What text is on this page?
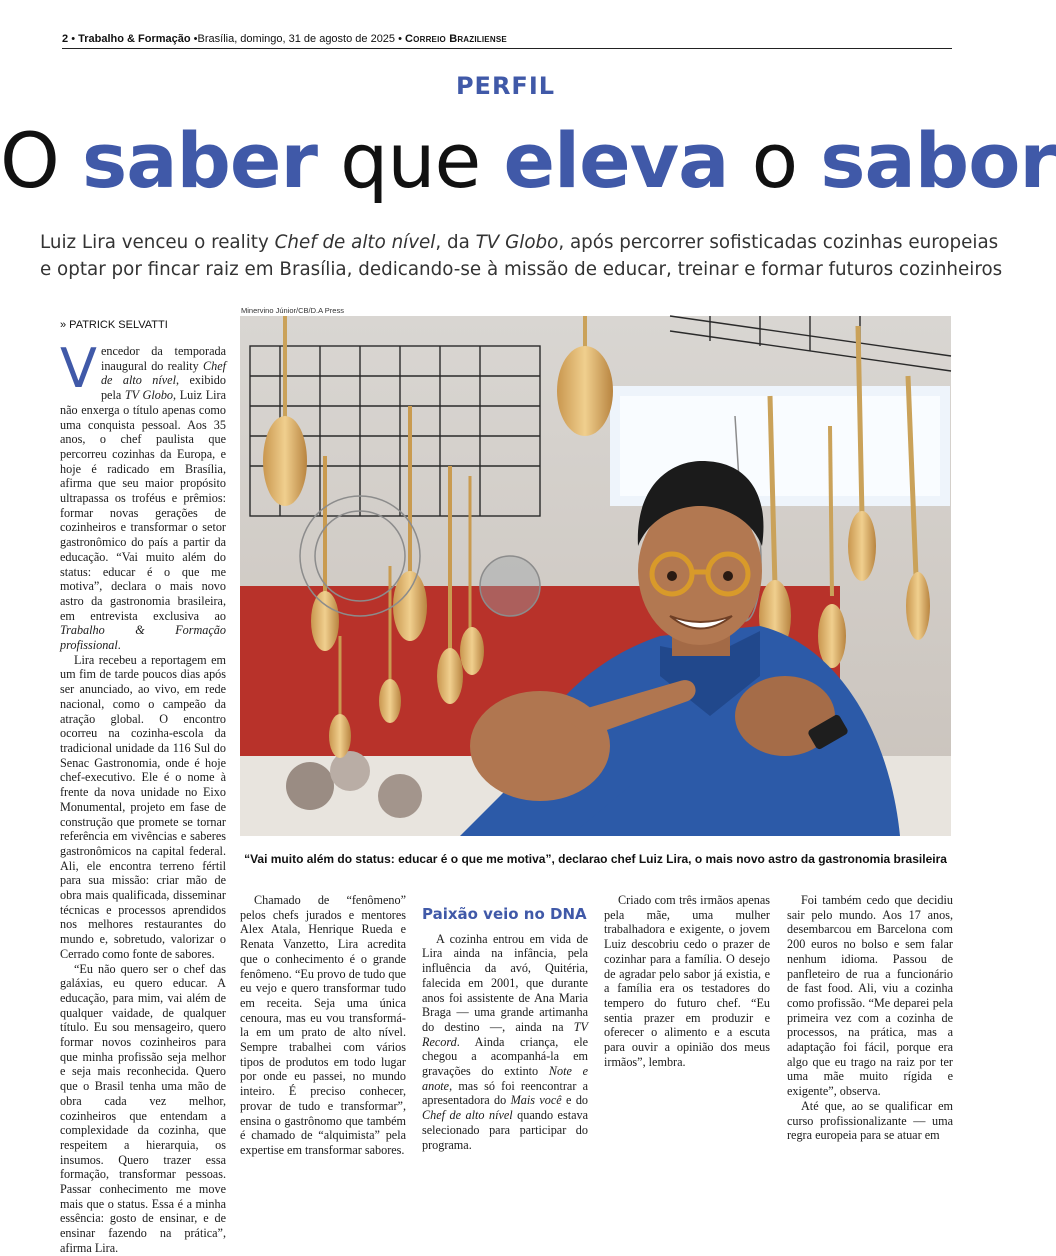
2 • Trabalho & Formação •Brasília, domingo, 31 de agosto de 2025 • Correio Braziliense
PERFIL
O saber que eleva o sabor

Luiz Lira venceu o reality Chef de alto nível, da TV Globo, após percorrer sofisticadas cozinhas europeias

e optar por fincar raiz em Brasília, dedicando-se à missão de educar, treinar e formar futuros cozinheiros

Minervino Júnior/CB/D.A Press
“Vai muito além do status: educar é o que me motiva”, declarao chef Luiz Lira, o mais novo astro da gastronomia brasileira
» PATRICK SELVATTI

Vencedor da temporada inaugural do reality Chef de alto nível, exibido pela TV Globo, Luiz Lira não enxerga o título apenas como uma conquista pessoal. Aos 35 anos, o chef paulista que percorreu cozinhas da Europa, e hoje é radicado em Brasília, afirma que seu maior propósito ultrapassa os troféus e prêmios: formar novas gerações de cozinheiros e transformar o setor gastronômico do país a partir da educação. “Vai muito além do status: educar é o que me motiva”, declara o mais novo astro da gastronomia brasileira, em entrevista exclusiva ao Trabalho & Formação profissional.

Lira recebeu a reportagem em um fim de tarde poucos dias após ser anunciado, ao vivo, em rede nacional, como o campeão da atração global. O encontro ocorreu na cozinha-escola da tradicional unidade da 116 Sul do Senac Gastronomia, onde é hoje chef-executivo. Ele é o nome à frente da nova unidade no Eixo Monumental, projeto em fase de construção que promete se tornar referência em vivências e saberes gastronômicos na capital federal. Ali, ele encontra terreno fértil para sua missão: criar mão de obra mais qualificada, disseminar técnicas e processos aprendidos nos melhores restaurantes do mundo e, sobretudo, valorizar o Cerrado como fonte de sabores.

“Eu não quero ser o chef das galáxias, eu quero educar. A educação, para mim, vai além de qualquer vaidade, de qualquer título. Eu sou mensageiro, quero formar novos cozinheiros para que minha profissão seja melhor e seja mais reconhecida. Quero que o Brasil tenha uma mão de obra cada vez melhor, cozinheiros que entendam a complexidade da cozinha, que respeitem a hierarquia, os insumos. Quero trazer essa formação, transformar pessoas. Passar conhecimento me move mais que o status. Essa é a minha essência: gosto de ensinar, e de ensinar fazendo na prática”, afirma Lira.

Chamado de “fenômeno” pelos chefs jurados e mentores Alex Atala, Henrique Rueda e Renata Vanzetto, Lira acredita que o conhecimento é o grande fenômeno. “Eu provo de tudo que eu vejo e quero transformar tudo em receita. Seja uma única cenoura, mas eu vou transformá-la em um prato de alto nível. Sempre trabalhei com vários tipos de produtos em todo lugar por onde eu passei, no mundo inteiro. É preciso conhecer, provar de tudo e transformar”, ensina o gastrônomo que também é chamado de “alquimista” pela expertise em transformar sabores.

Paixão veio no DNA

A cozinha entrou em vida de Lira ainda na infância, pela influência da avó, Quitéria, falecida em 2001, que durante anos foi assistente de Ana Maria Braga — uma grande artimanha do destino —, ainda na TV Record. Ainda criança, ele chegou a acompanhá-la em gravações do extinto Note e anote, mas só foi reencontrar a apresentadora do Mais você e do Chef de alto nível quando estava selecionado para participar do programa.

Criado com três irmãos apenas pela mãe, uma mulher trabalhadora e exigente, o jovem Luiz descobriu cedo o prazer de cozinhar para a família. O desejo de agradar pelo sabor já existia, e a família era os testadores do tempero do futuro chef. “Eu sentia prazer em produzir e oferecer o alimento e a escuta para ouvir a opinião dos meus irmãos”, lembra.

Foi também cedo que decidiu sair pelo mundo. Aos 17 anos, desembarcou em Barcelona com 200 euros no bolso e sem falar nenhum idioma. Passou de panfleteiro de rua a funcionário de fast food. Ali, viu a cozinha como profissão. “Me deparei pela primeira vez com a cozinha de processos, na prática, mas a adaptação foi fácil, porque era algo que eu trago na raiz por ter uma mãe muito rígida e exigente”, observa.

Até que, ao se qualificar em curso profissionalizante — uma regra europeia para se atuar em
